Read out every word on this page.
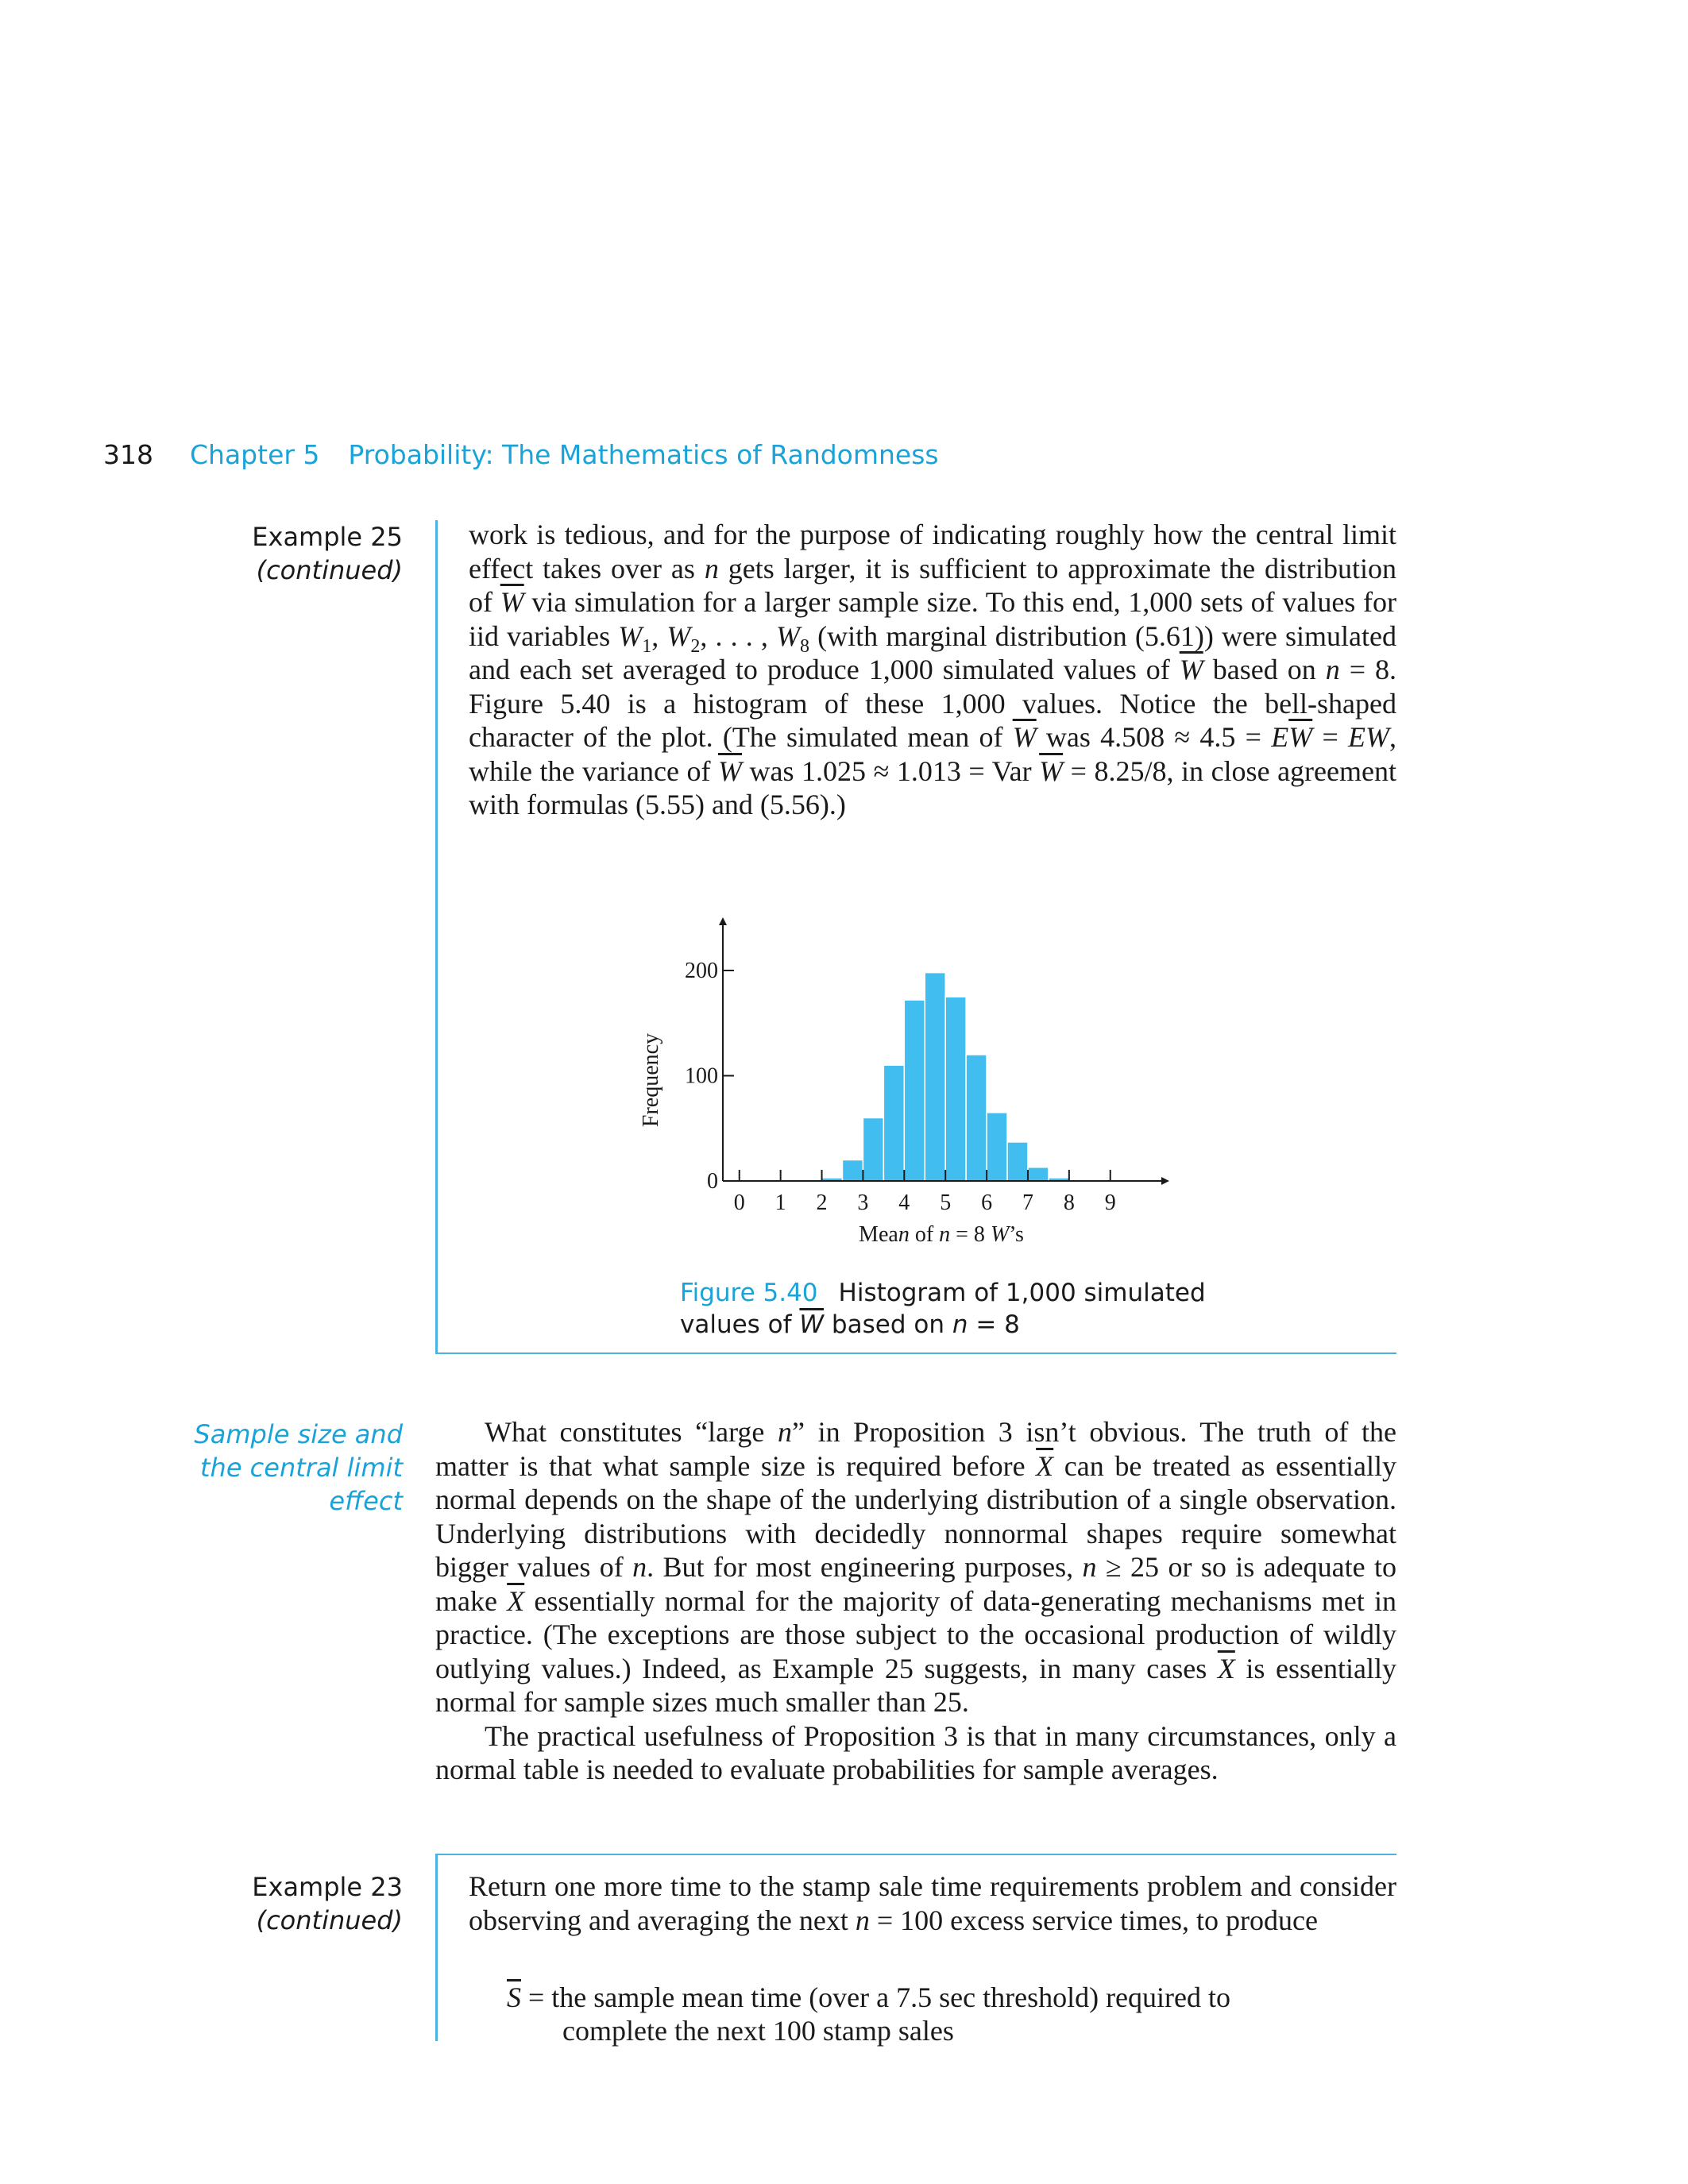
318 Chapter 5 Probability: The Mathematics of Randomness
Example 25
(continued)
work is tedious, and for the purpose of indicating roughly how the central limit effect takes over as n gets larger, it is sufficient to approximate the distribution of $\overline{W}$ via simulation for a larger sample size. To this end, 1,000 sets of values for iid variables $W_1$, $W_2$, . . . , $W_8$ (with marginal distribution (5.61)) were simulated and each set averaged to produce 1,000 simulated values of $\overline{W}$ based on n = 8. Figure 5.40 is a histogram of these 1,000 values. Notice the bell-shaped character of the plot. (The simulated mean of $\overline{W}$ was $4.508 \approx 4.5 = E\overline{W}$ = EW, while the variance of $\overline{W}$ was 1.025 ≈ 1.013 = Var $\overline{W} = 8.25/8$, in close agreement with formulas (5.55) and (5.56).)
0
100
200
0 1 2 3 4 5 6 7 8 9
Frequency
Mean of n = 8 W’s
Figure 5.40 Histogram of 1,000 simulated
values of $\overline{W}$ based on n = 8
Sample size and
the central limit
effect

What constitutes “large n” in Proposition 3 isn’t obvious. The truth of the matter is that what sample size is required before $\overline{X}$ can be treated as essentially normal depends on the shape of the underlying distribution of a single observation. Underlying distributions with decidedly nonnormal shapes require somewhat bigger values of n. But for most engineering purposes, n ≥ 25 or so is adequate to make $\overline{X}$ essentially normal for the majority of data-generating mechanisms met in practice. (The exceptions are those subject to the occasional production of wildly outlying values.) Indeed, as Example 25 suggests, in many cases $\overline{X}$ is essentially normal for sample sizes much smaller than 25.

The practical usefulness of Proposition 3 is that in many circumstances, only a normal table is needed to evaluate probabilities for sample averages.

Example 23
(continued)
Return one more time to the stamp sale time requirements problem and consider observing and averaging the next n = 100 excess service times, to produce
$\overline{S}$ = the sample mean time (over a 7.5 sec threshold) required to
complete the next 100 stamp sales
